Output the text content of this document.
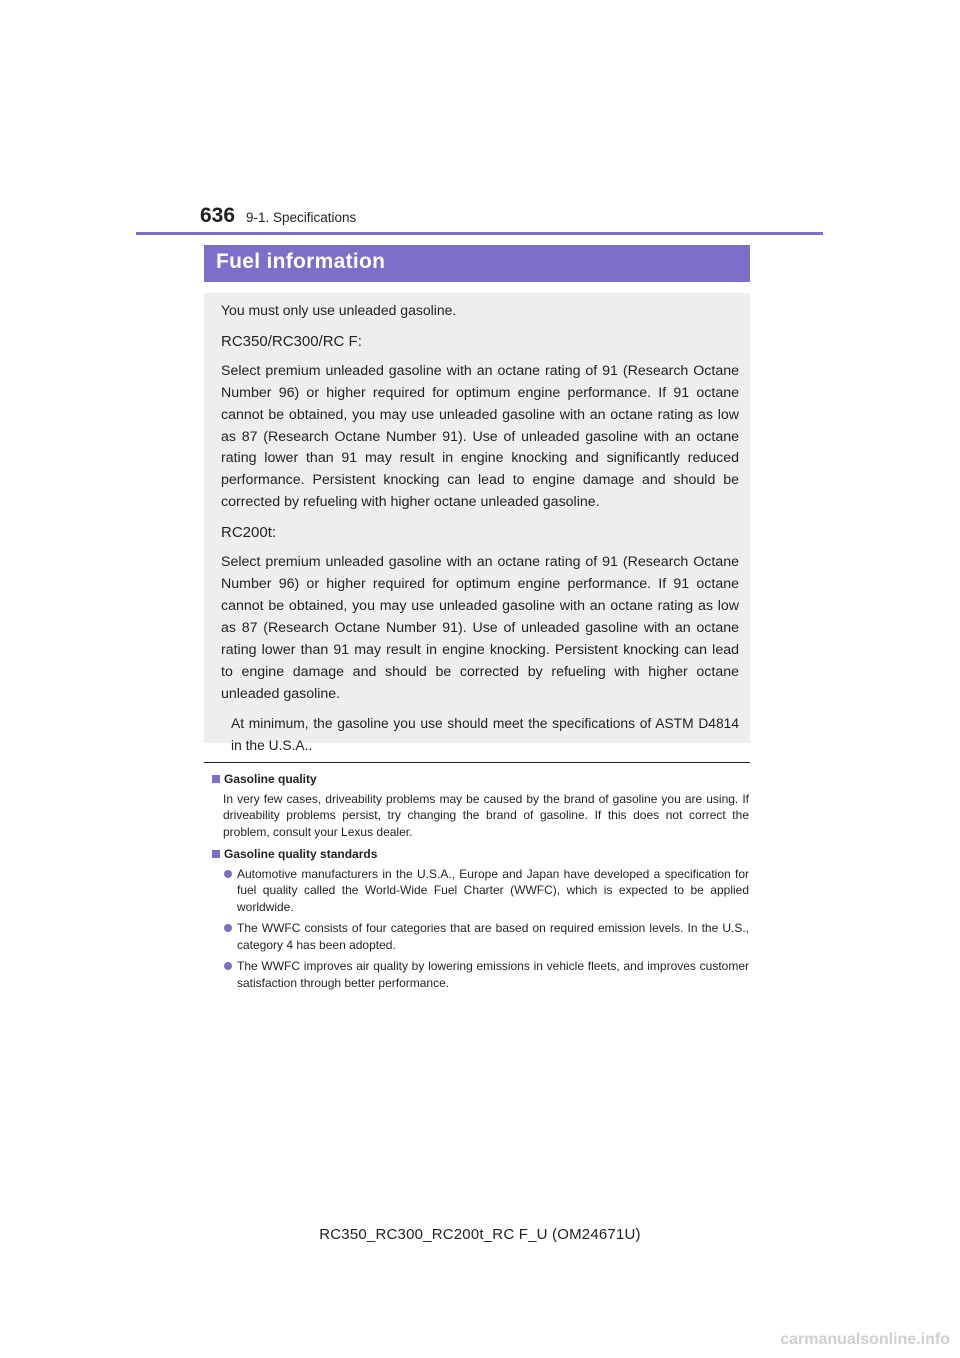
636 9-1. Specifications
Fuel information

You must only use unleaded gasoline.

RC350/RC300/RC F:

Select premium unleaded gasoline with an octane rating of 91 (Research Octane Number 96) or higher required for optimum engine performance. If 91 octane cannot be obtained, you may use unleaded gasoline with an octane rating as low as 87 (Research Octane Number 91). Use of unleaded gasoline with an octane rating lower than 91 may result in engine knocking and significantly reduced performance. Persistent knocking can lead to engine damage and should be corrected by refueling with higher octane unleaded gasoline.

RC200t:

Select premium unleaded gasoline with an octane rating of 91 (Research Octane Number 96) or higher required for optimum engine performance. If 91 octane cannot be obtained, you may use unleaded gasoline with an octane rating as low as 87 (Research Octane Number 91). Use of unleaded gasoline with an octane rating lower than 91 may result in engine knocking. Persistent knocking can lead to engine damage and should be corrected by refueling with higher octane unleaded gasoline.

At minimum, the gasoline you use should meet the specifications of ASTM D4814 in the U.S.A..

Gasoline quality

In very few cases, driveability problems may be caused by the brand of gasoline you are using. If driveability problems persist, try changing the brand of gasoline. If this does not correct the problem, consult your Lexus dealer.

Gasoline quality standards
Automotive manufacturers in the U.S.A., Europe and Japan have developed a specification for fuel quality called the World-Wide Fuel Charter (WWFC), which is expected to be applied worldwide.
The WWFC consists of four categories that are based on required emission levels. In the U.S., category 4 has been adopted.
The WWFC improves air quality by lowering emissions in vehicle fleets, and improves customer satisfaction through better performance.
RC350_RC300_RC200t_RC F_U (OM24671U)
carmanualsonline.info
